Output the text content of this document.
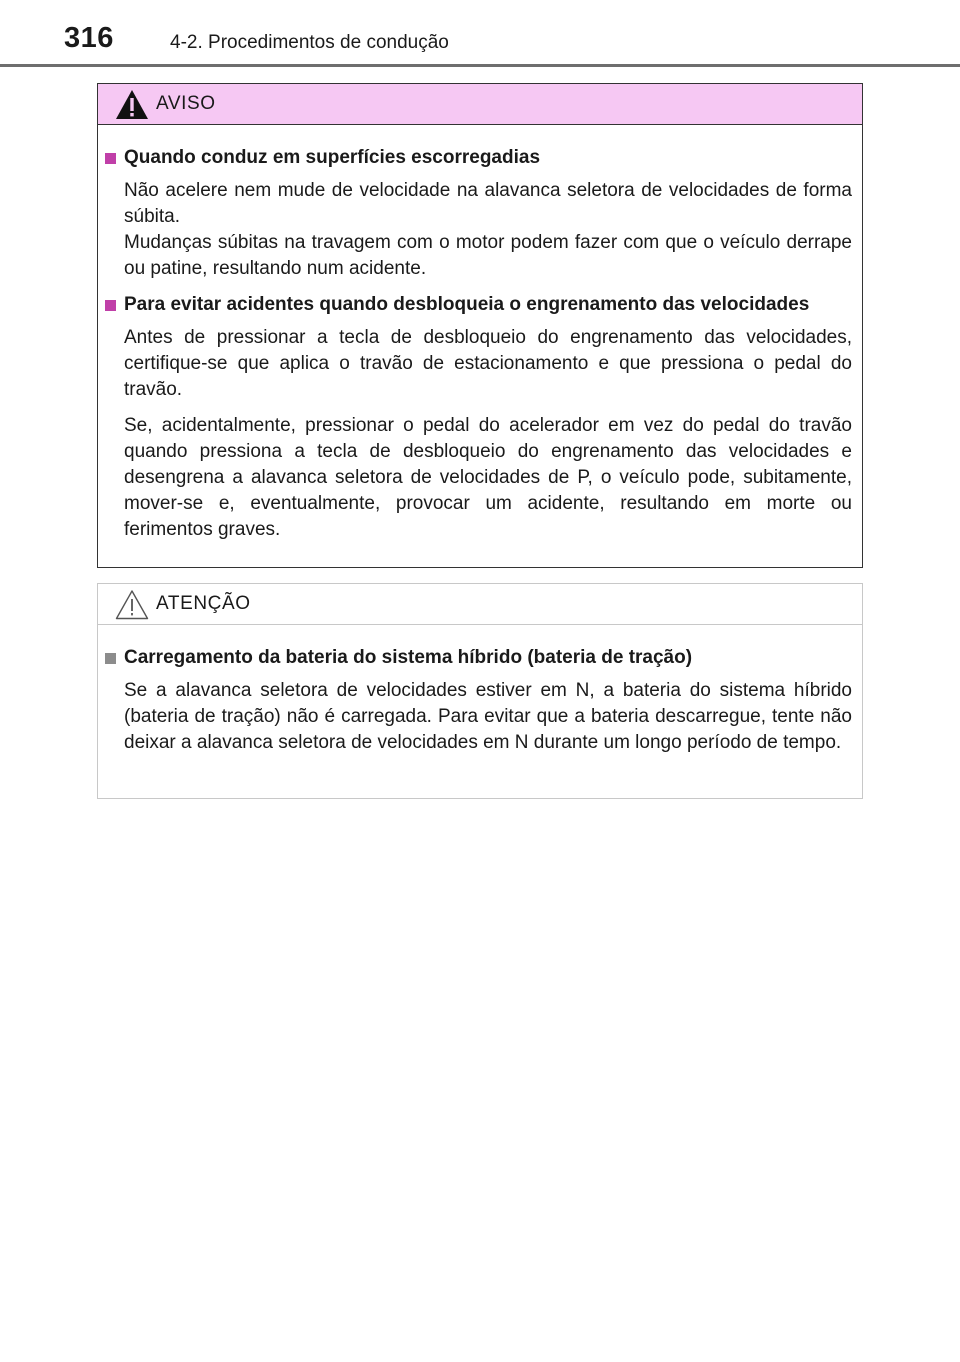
316	4-2. Procedimentos de condução
AVISO
Quando conduz em superfícies escorregadias
Não acelere nem mude de velocidade na alavanca seletora de velocidades de forma súbita.
Mudanças súbitas na travagem com o motor podem fazer com que o veículo derrape ou patine, resultando num acidente.
Para evitar acidentes quando desbloqueia o engrenamento das velocidades
Antes de pressionar a tecla de desbloqueio do engrenamento das velocidades, certifique-se que aplica o travão de estacionamento e que pressiona o pedal do travão.
Se, acidentalmente, pressionar o pedal do acelerador em vez do pedal do travão quando pressiona a tecla de desbloqueio do engrenamento das velocidades e desengrena a alavanca seletora de velocidades de P, o veículo pode, subitamente, mover-se e, eventualmente, provocar um acidente, resultando em morte ou ferimentos graves.
ATENÇÃO
Carregamento da bateria do sistema híbrido (bateria de tração)
Se a alavanca seletora de velocidades estiver em N, a bateria do sistema híbrido (bateria de tração) não é carregada. Para evitar que a bateria descarregue, tente não deixar a alavanca seletora de velocidades em N durante um longo período de tempo.
